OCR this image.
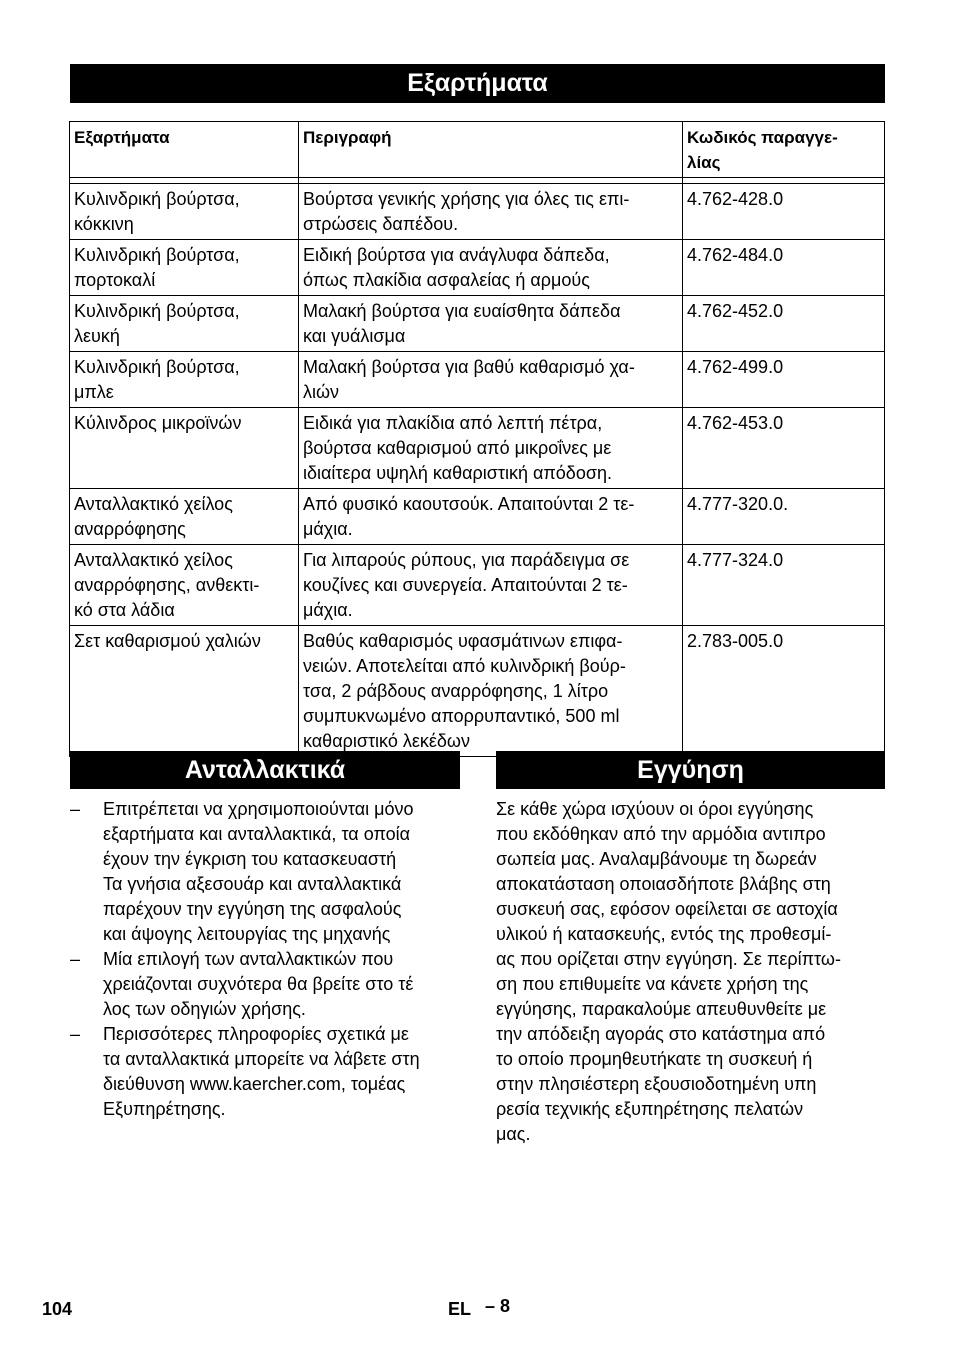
Εξαρτήματα
Εξαρτήματα	Περιγραφή	Κωδικός παραγγε-
λίας

Κυλινδρική βούρτσα,
κόκκινη	Βούρτσα γενικής χρήσης για όλες τις επι-
στρώσεις δαπέδου.	4.762-428.0
Κυλινδρική βούρτσα,
πορτοκαλί	Ειδική βούρτσα για ανάγλυφα δάπεδα,
όπως πλακίδια ασφαλείας ή αρμούς	4.762-484.0
Κυλινδρική βούρτσα,
λευκή	Μαλακή βούρτσα για ευαίσθητα δάπεδα
και γυάλισμα	4.762-452.0
Κυλινδρική βούρτσα,
μπλε	Μαλακή βούρτσα για βαθύ καθαρισμό χα-
λιών	4.762-499.0
Κύλινδρος μικροϊνών	Ειδικά για πλακίδια από λεπτή πέτρα,
βούρτσα καθαρισμού από μικροΐνες με
ιδιαίτερα υψηλή καθαριστική απόδοση.	4.762-453.0
Ανταλλακτικό χείλος
αναρρόφησης	Από φυσικό καουτσούκ. Απαιτούνται 2 τε-
μάχια.	4.777-320.0.
Ανταλλακτικό χείλος
αναρρόφησης, ανθεκτι-
κό στα λάδια	Για λιπαρούς ρύπους, για παράδειγμα σε
κουζίνες και συνεργεία. Απαιτούνται 2 τε-
μάχια.	4.777-324.0
Σετ καθαρισμού χαλιών	Βαθύς καθαρισμός υφασμάτινων επιφα-
νειών. Αποτελείται από κυλινδρική βούρ-
τσα, 2 ράβδους αναρρόφησης, 1 λίτρο
συμπυκνωμένο απορρυπαντικό, 500 ml
καθαριστικό λεκέδων	2.783-005.0
Ανταλλακτικά	Εγγύηση
– Επιτρέπεται να χρησιμοποιούνται μόνο
εξαρτήματα και ανταλλακτικά, τα οποία
έχουν την έγκριση του κατασκευαστή
Τα γνήσια αξεσουάρ και ανταλλακτικά
παρέχουν την εγγύηση της ασφαλούς
και άψογης λειτουργίας της μηχανής
– Μία επιλογή των ανταλλακτικών που
χρειάζονται συχνότερα θα βρείτε στο τέ
λος των οδηγιών χρήσης.
– Περισσότερες πληροφορίες σχετικά με
τα ανταλλακτικά μπορείτε να λάβετε στη
διεύθυνση www.kaercher.com, τομέας
Εξυπηρέτησης.
Σε κάθε χώρα ισχύουν οι όροι εγγύησης
που εκδόθηκαν από την αρμόδια αντιπρο
σωπεία μας. Αναλαμβάνουμε τη δωρεάν
αποκατάσταση οποιασδήποτε βλάβης στη
συσκευή σας, εφόσον οφείλεται σε αστοχία
υλικού ή κατασκευής, εντός της προθεσμί-
ας που ορίζεται στην εγγύηση. Σε περίπτω-
ση που επιθυμείτε να κάνετε χρήση της
εγγύησης, παρακαλούμε απευθυνθείτε με
την απόδειξη αγοράς στο κατάστημα από
το οποίο προμηθευτήκατε τη συσκευή ή
στην πλησιέστερη εξουσιοδοτημένη υπη
ρεσία τεχνικής εξυπηρέτησης πελατών
μας.
104	EL – 8
